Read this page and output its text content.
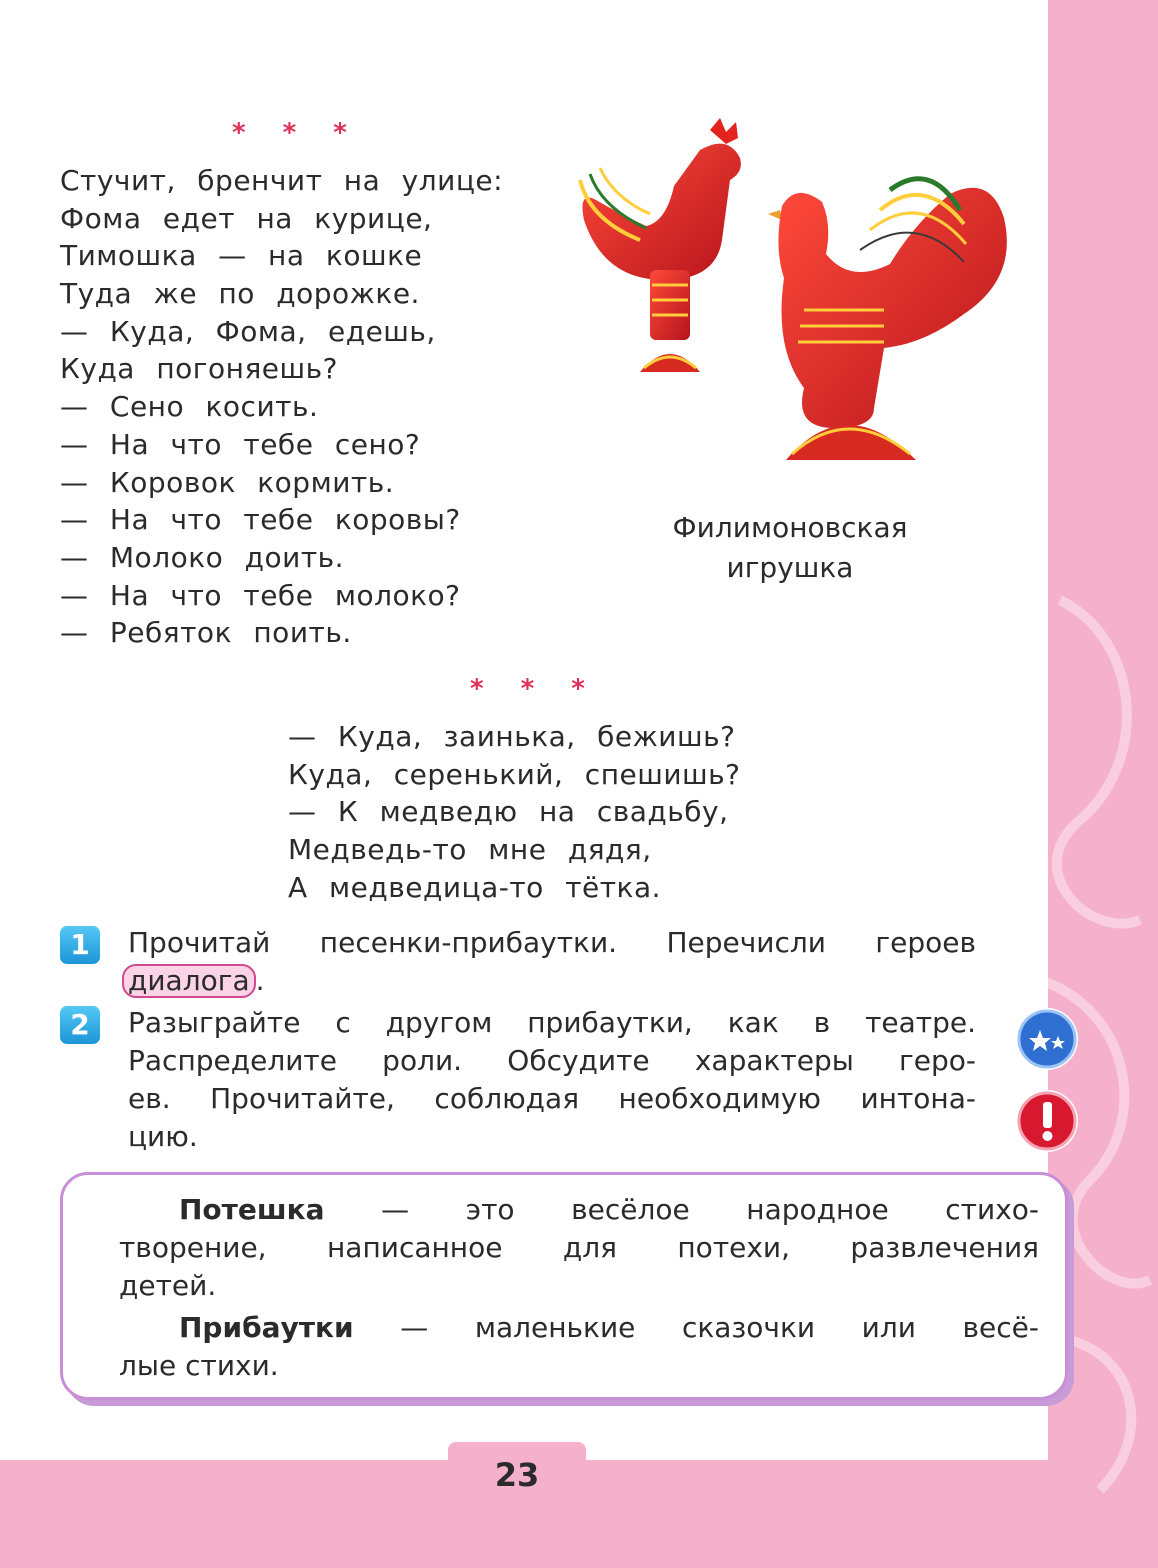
* * *
Стучит, бренчит на улице:
Фома едет на курице,
Тимошка — на кошке
Туда же по дорожке.
— Куда, Фома, едешь,
Куда погоняешь?
— Сено косить.
— На что тебе сено?
— Коровок кормить.
— На что тебе коровы?
— Молоко доить.
— На что тебе молоко?
— Ребяток поить.
Филимоновская
игрушка
* * *
— Куда, заинька, бежишь?
Куда, серенький, спешишь?
— К медведю на свадьбу,
Медведь-то мне дядя,
А медведица-то тётка.
1	Прочитай песенки-прибаутки. Перечисли героев
диалога .
2	Разыграйте с другом прибаутки, как в театре.
Распределите роли. Обсудите характеры геро-
ев. Прочитайте, соблюдая необходимую интона-
цию.
Потешка — это весёлое народное стихо-
творение, написанное для потехи, развлечения
детей.
Прибаутки — маленькие сказочки или весё-
лые стихи.
23
